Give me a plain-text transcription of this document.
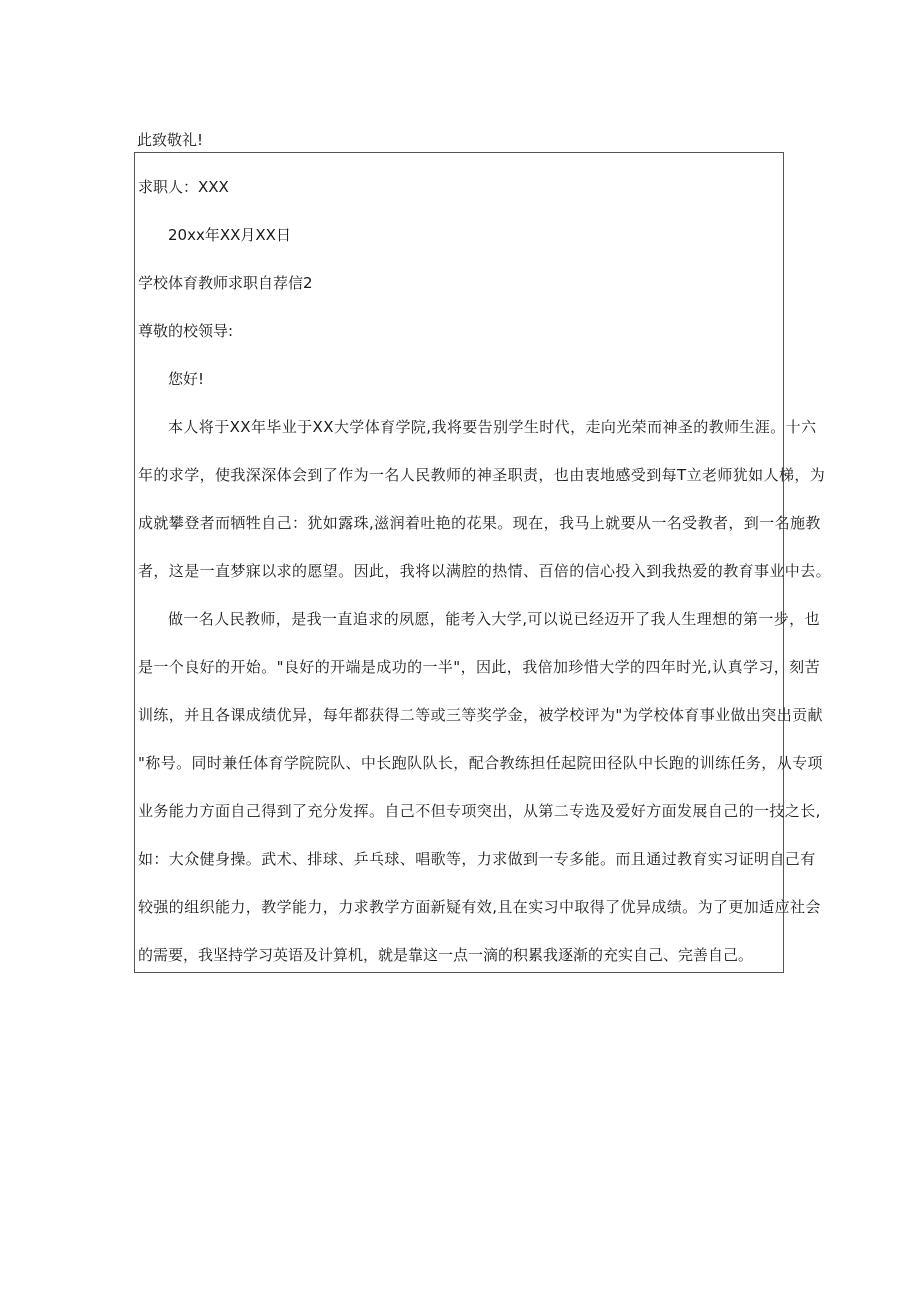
此致敬礼!
求职人：XXX
20xx年XX月XX日
学校体育教师求职自荐信2
尊敬的校领导:
您好!
本人将于XX年毕业于XX大学体育学院,我将要告别学生时代，走向光荣而神圣的教师生涯。十六
年的求学，使我深深体会到了作为一名人民教师的神圣职责，也由衷地感受到每T立老师犹如人梯，为
成就攀登者而牺牲自己：犹如露珠,滋润着吐艳的花果。现在，我马上就要从一名受教者，到一名施教
者，这是一直梦寐以求的愿望。因此，我将以满腔的热情、百倍的信心投入到我热爱的教育事业中去。
做一名人民教师，是我一直追求的夙愿，能考入大学,可以说已经迈开了我人生理想的第一步，也
是一个良好的开始。"良好的开端是成功的一半"，因此，我倍加珍惜大学的四年时光,认真学习，刻苦
训练，并且各课成绩优异，每年都获得二等或三等奖学金，被学校评为"为学校体育事业做出突出贡献
"称号。同时兼任体育学院院队、中长跑队队长，配合教练担任起院田径队中长跑的训练任务，从专项
业务能力方面自己得到了充分发挥。自己不但专项突出，从第二专选及爱好方面发展自己的一技之长,
如：大众健身操。武术、排球、乒乓球、唱歌等，力求做到一专多能。而且通过教育实习证明自己有
较强的组织能力，教学能力，力求教学方面新疑有效,且在实习中取得了优异成绩。为了更加适应社会
的需要，我坚持学习英语及计算机，就是靠这一点一滴的积累我逐渐的充实自己、完善自己。
